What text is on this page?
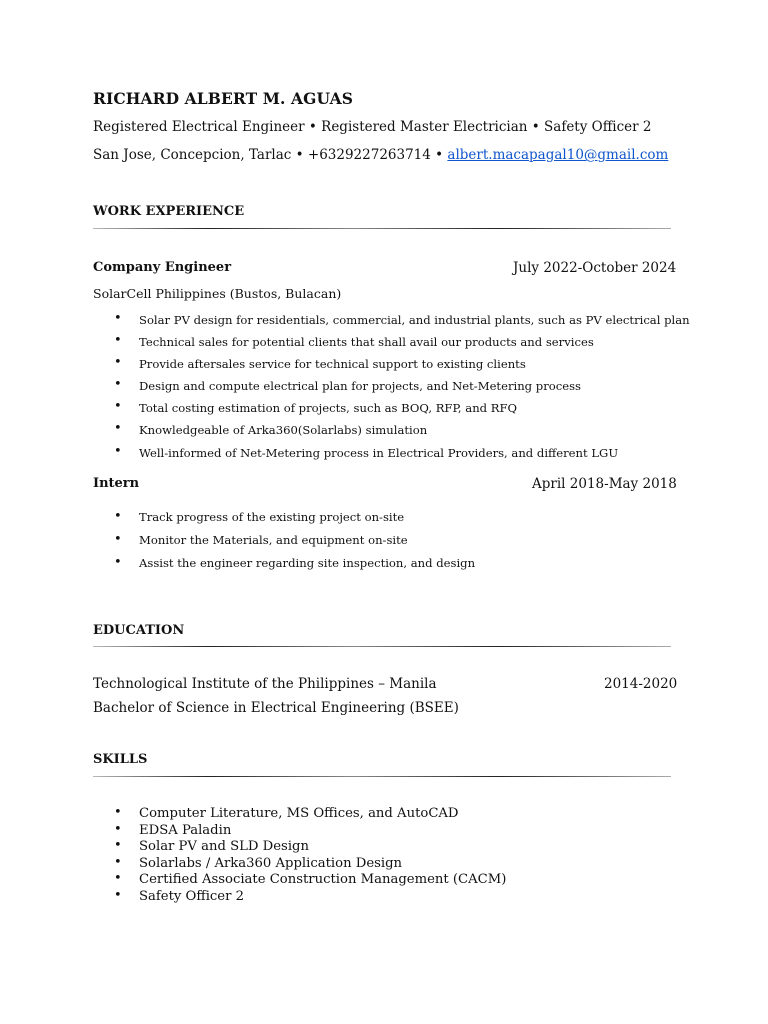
RICHARD ALBERT M. AGUAS
Registered Electrical Engineer • Registered Master Electrician • Safety Officer 2
San Jose, Concepcion, Tarlac • +6329227263714 • albert.macapagal10@gmail.com
WORK EXPERIENCE
Company Engineer	July 2022-October 2024
SolarCell Philippines (Bustos, Bulacan)
• Solar PV design for residentials, commercial, and industrial plants, such as PV electrical plan
• Technical sales for potential clients that shall avail our products and services
• Provide aftersales service for technical support to existing clients
• Design and compute electrical plan for projects, and Net-Metering process
• Total costing estimation of projects, such as BOQ, RFP, and RFQ
• Knowledgeable of Arka360(Solarlabs) simulation
• Well-informed of Net-Metering process in Electrical Providers, and different LGU
Intern	April 2018-May 2018
• Track progress of the existing project on-site
• Monitor the Materials, and equipment on-site
• Assist the engineer regarding site inspection, and design
EDUCATION
Technological Institute of the Philippines – Manila	2014-2020
Bachelor of Science in Electrical Engineering (BSEE)
SKILLS
• Computer Literature, MS Offices, and AutoCAD
• EDSA Paladin
• Solar PV and SLD Design
• Solarlabs / Arka360 Application Design
• Certified Associate Construction Management (CACM)
• Safety Officer 2
